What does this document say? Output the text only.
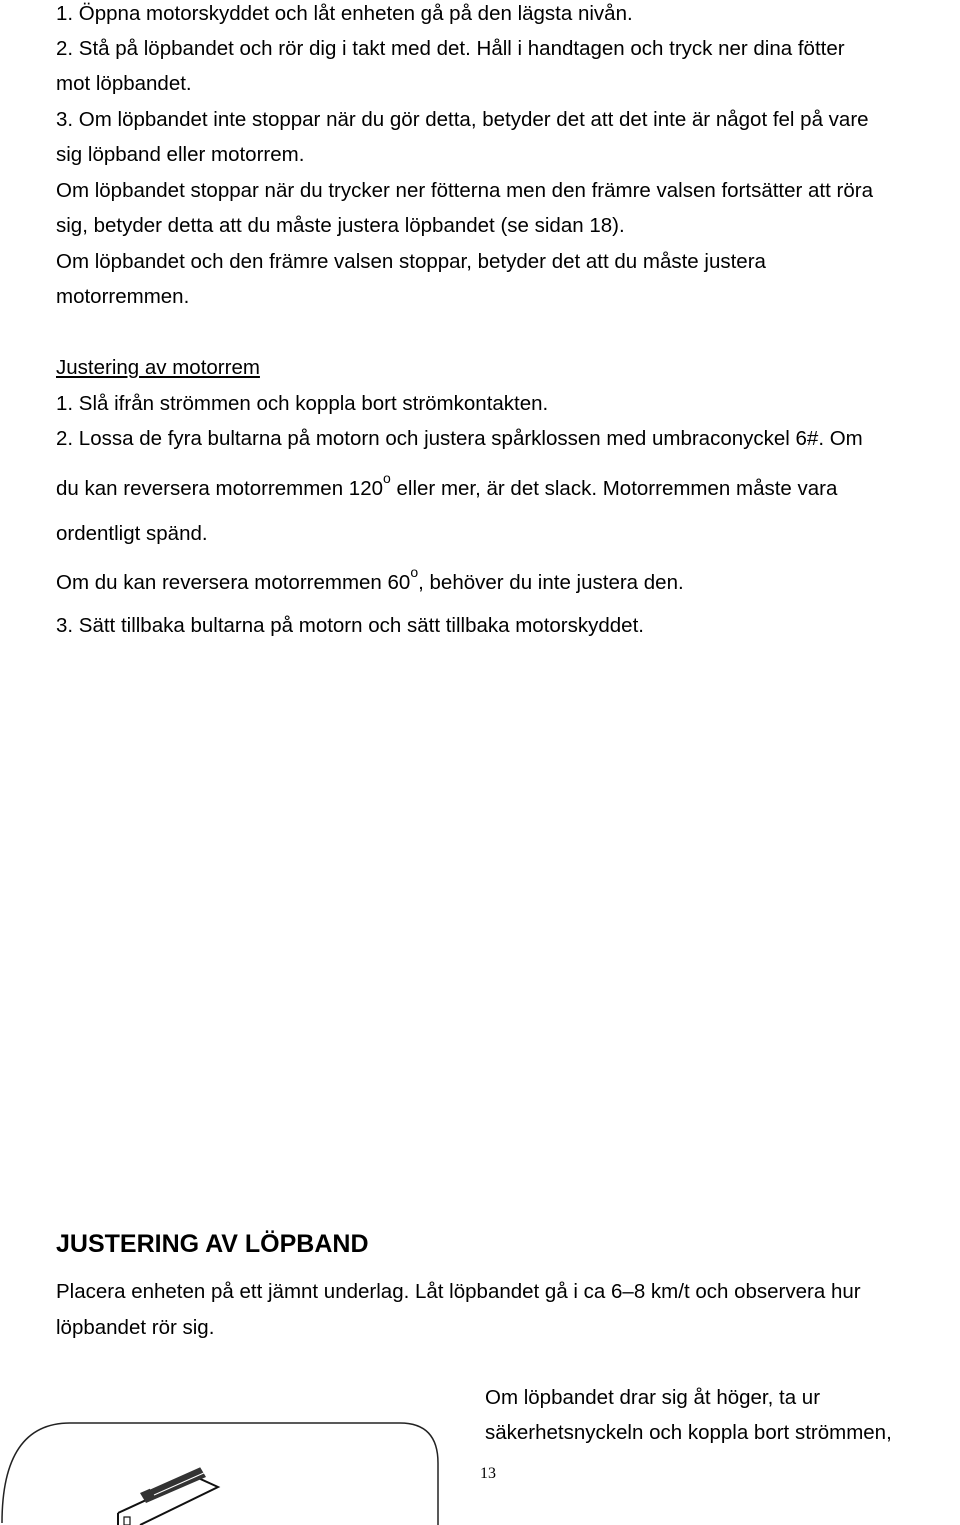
1. Öppna motorskyddet och låt enheten gå på den lägsta nivån.

2. Stå på löpbandet och rör dig i takt med det. Håll i handtagen och tryck ner dina fötter

mot löpbandet.

3. Om löpbandet inte stoppar när du gör detta, betyder det att det inte är något fel på vare

sig löpband eller motorrem.

Om löpbandet stoppar när du trycker ner fötterna men den främre valsen fortsätter att röra

sig, betyder detta att du måste justera löpbandet (se sidan 18).

Om löpbandet och den främre valsen stoppar, betyder det att du måste justera

motorremmen.

Justering av motorrem

1. Slå ifrån strömmen och koppla bort strömkontakten.

2. Lossa de fyra bultarna på motorn och justera spårklossen med umbraconyckel 6#. Om

du kan reversera motorremmen 120$^o$ eller mer, är det slack. Motorremmen måste vara

ordentligt spänd.

Om du kan reversera motorremmen 60$^o$, behöver du inte justera den.

3. Sätt tillbaka bultarna på motorn och sätt tillbaka motorskyddet.

JUSTERING AV LÖPBAND

Placera enheten på ett jämnt underlag. Låt löpbandet gå i ca 6–8 km/t och observera hur

löpbandet rör sig.

Om löpbandet drar sig åt höger, ta ur

säkerhetsnyckeln och koppla bort strömmen,

13
